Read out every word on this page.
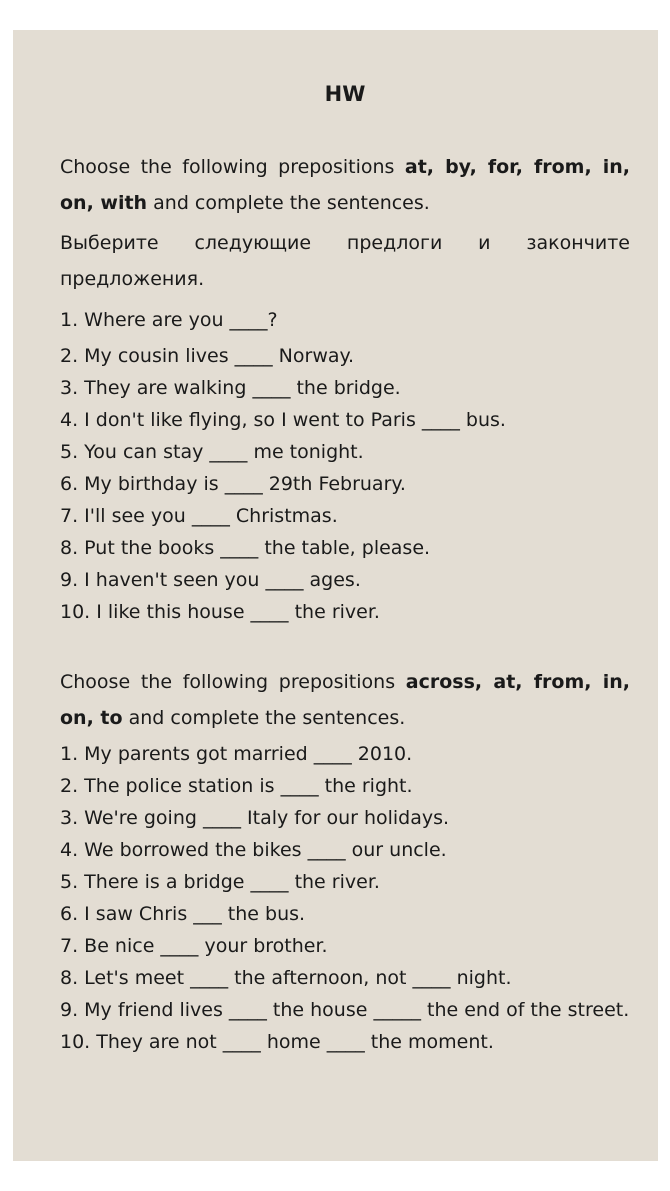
HW

Choose the following prepositions at, by, for, from, in, on, with and complete the sentences.

Выберите следующие предлоги и закончите предложения.

1. Where are you ____?
2. My cousin lives ____ Norway.
3. They are walking ____ the bridge.
4. I don't like flying, so I went to Paris ____ bus.
5. You can stay ____ me tonight.
6. My birthday is ____ 29th February.
7. I'll see you ____ Christmas.
8. Put the books ____ the table, please.
9. I haven't seen you ____ ages.
10. I like this house ____ the river.

Choose the following prepositions across, at, from, in, on, to and complete the sentences.

1. My parents got married ____ 2010.
2. The police station is ____ the right.
3. We're going ____ Italy for our holidays.
4. We borrowed the bikes ____ our uncle.
5. There is a bridge ____ the river.
6. I saw Chris ___ the bus.
7. Be nice ____ your brother.
8. Let's meet ____ the afternoon, not ____ night.
9. My friend lives ____ the house _____ the end of the street.
10. They are not ____ home ____ the moment.
